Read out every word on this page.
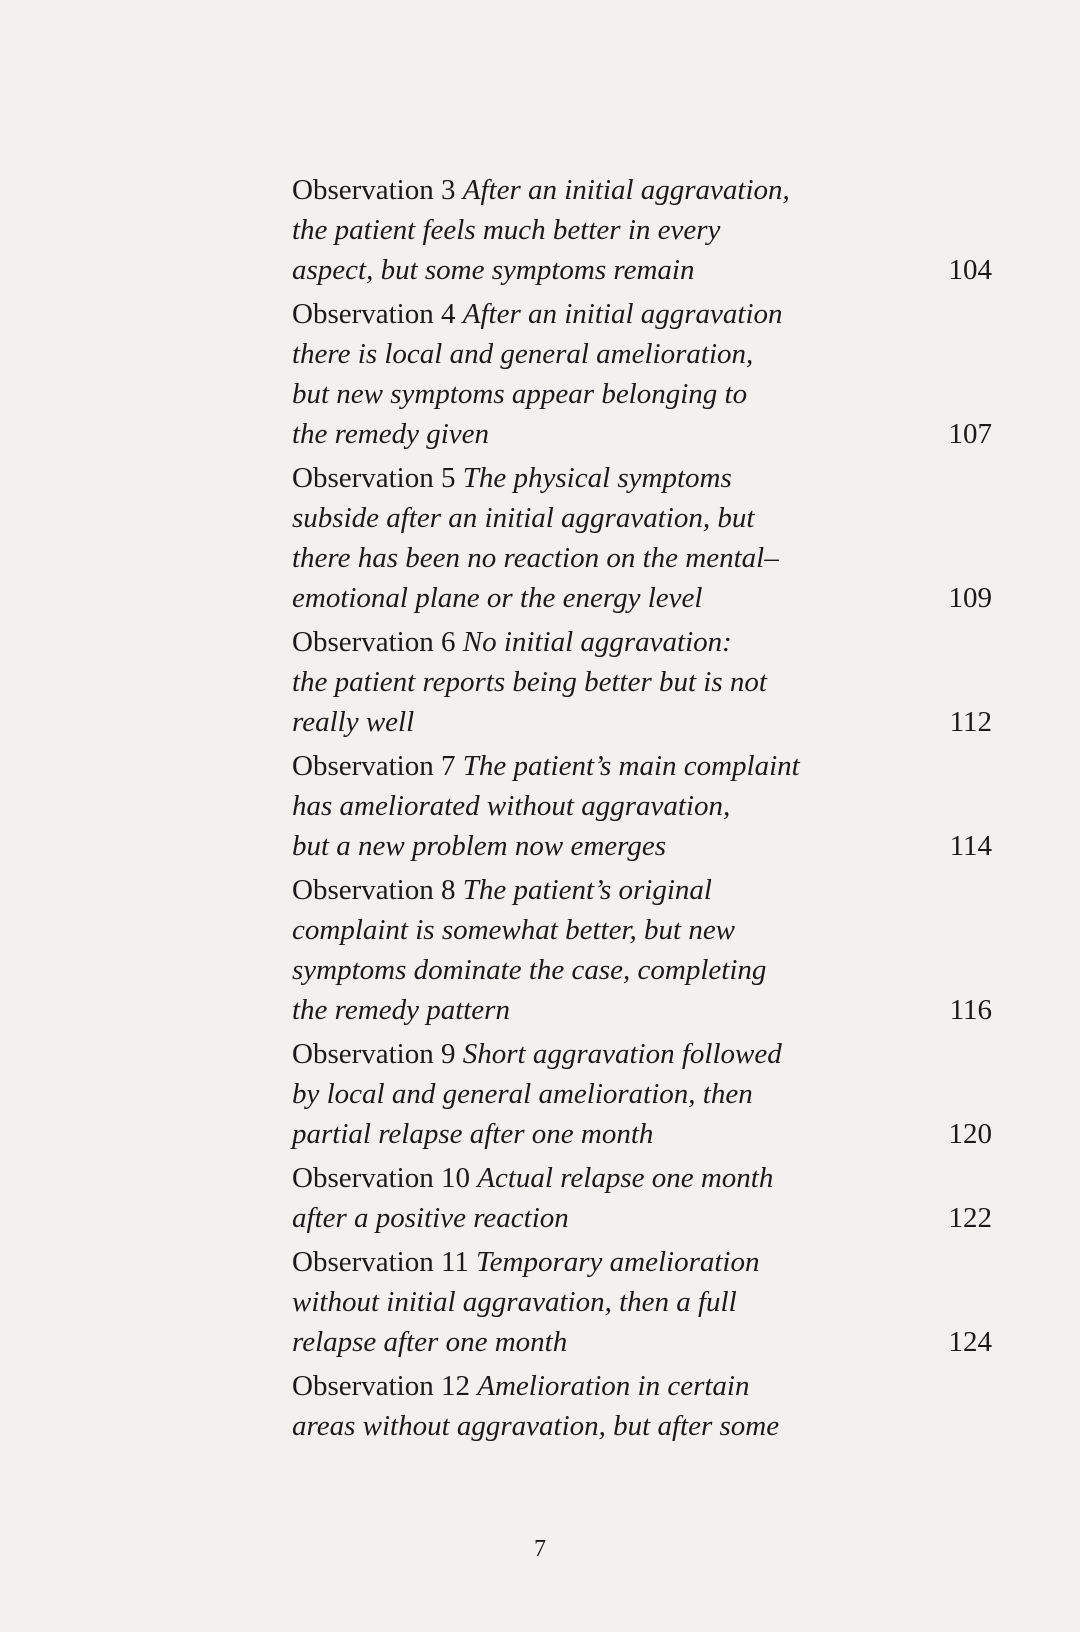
Observation 3 After an initial aggravation,
the patient feels much better in every
aspect, but some symptoms remain	104
Observation 4 After an initial aggravation
there is local and general amelioration,
but new symptoms appear belonging to
the remedy given	107
Observation 5 The physical symptoms
subside after an initial aggravation, but
there has been no reaction on the mental–
emotional plane or the energy level	109
Observation 6 No initial aggravation:
the patient reports being better but is not
really well	112
Observation 7 The patient’s main complaint
has ameliorated without aggravation,
but a new problem now emerges	114
Observation 8 The patient’s original
complaint is somewhat better, but new
symptoms dominate the case, completing
the remedy pattern	116
Observation 9 Short aggravation followed
by local and general amelioration, then
partial relapse after one month	120
Observation 10 Actual relapse one month
after a positive reaction	122
Observation 11 Temporary amelioration
without initial aggravation, then a full
relapse after one month	124
Observation 12 Amelioration in certain
areas without aggravation, but after some
7
